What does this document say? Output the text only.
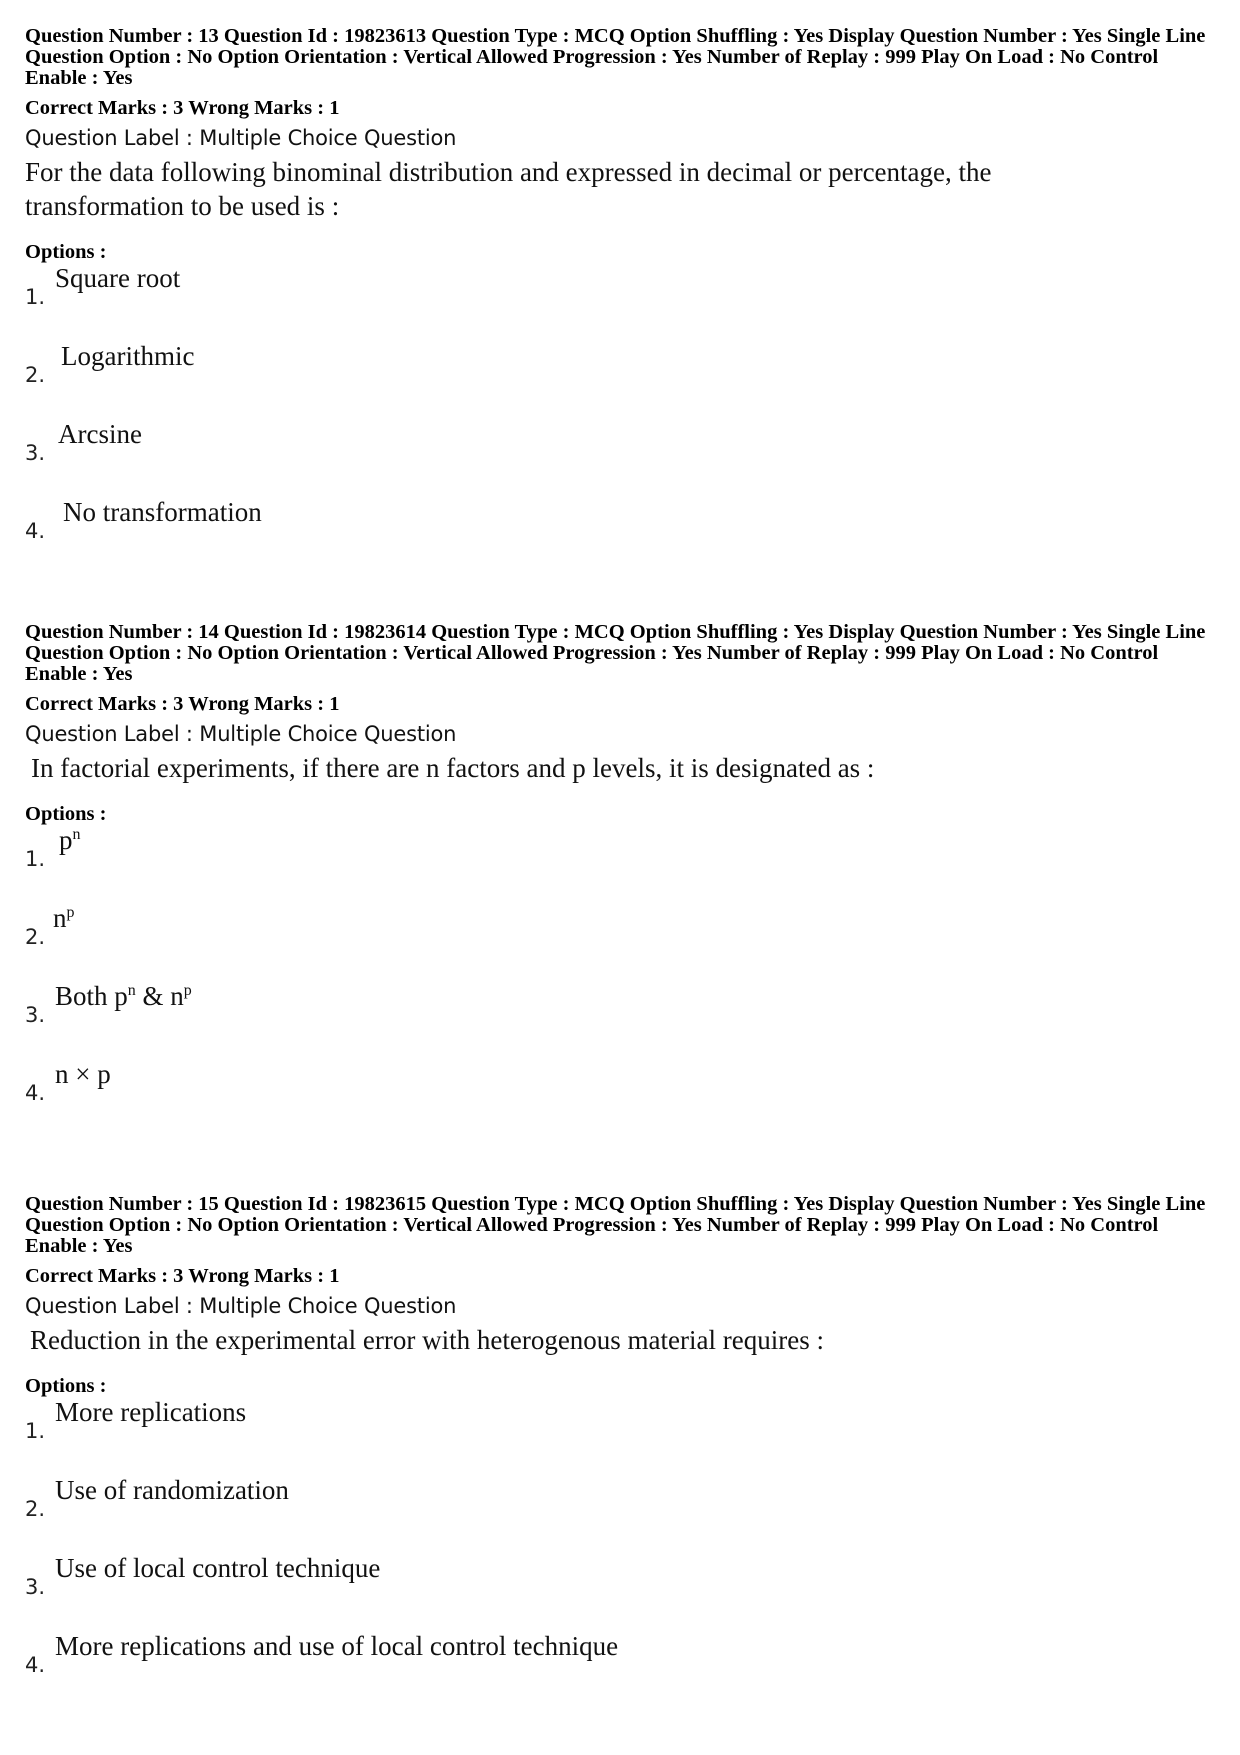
Question Number : 13 Question Id : 19823613 Question Type : MCQ Option Shuffling : Yes Display Question Number : Yes Single Line Question Option : No Option Orientation : Vertical Allowed Progression : Yes Number of Replay : 999 Play On Load : No Control Enable : Yes
Correct Marks : 3 Wrong Marks : 1
Question Label : Multiple Choice Question
For the data following binominal distribution and expressed in decimal or percentage, the transformation to be used is :
Options :
1.
Square root
2.
Logarithmic
3.
Arcsine
4.
No transformation
Question Number : 14 Question Id : 19823614 Question Type : MCQ Option Shuffling : Yes Display Question Number : Yes Single Line Question Option : No Option Orientation : Vertical Allowed Progression : Yes Number of Replay : 999 Play On Load : No Control Enable : Yes
Correct Marks : 3 Wrong Marks : 1
Question Label : Multiple Choice Question
In factorial experiments, if there are n factors and p levels, it is designated as :
Options :
1.
$p^n$
2.
$n^p$
3.
Both $p^n$ & $n^p$
4.
n × p
Question Number : 15 Question Id : 19823615 Question Type : MCQ Option Shuffling : Yes Display Question Number : Yes Single Line Question Option : No Option Orientation : Vertical Allowed Progression : Yes Number of Replay : 999 Play On Load : No Control Enable : Yes
Correct Marks : 3 Wrong Marks : 1
Question Label : Multiple Choice Question
Reduction in the experimental error with heterogenous material requires :
Options :
1.
More replications
2.
Use of randomization
3.
Use of local control technique
4.
More replications and use of local control technique
